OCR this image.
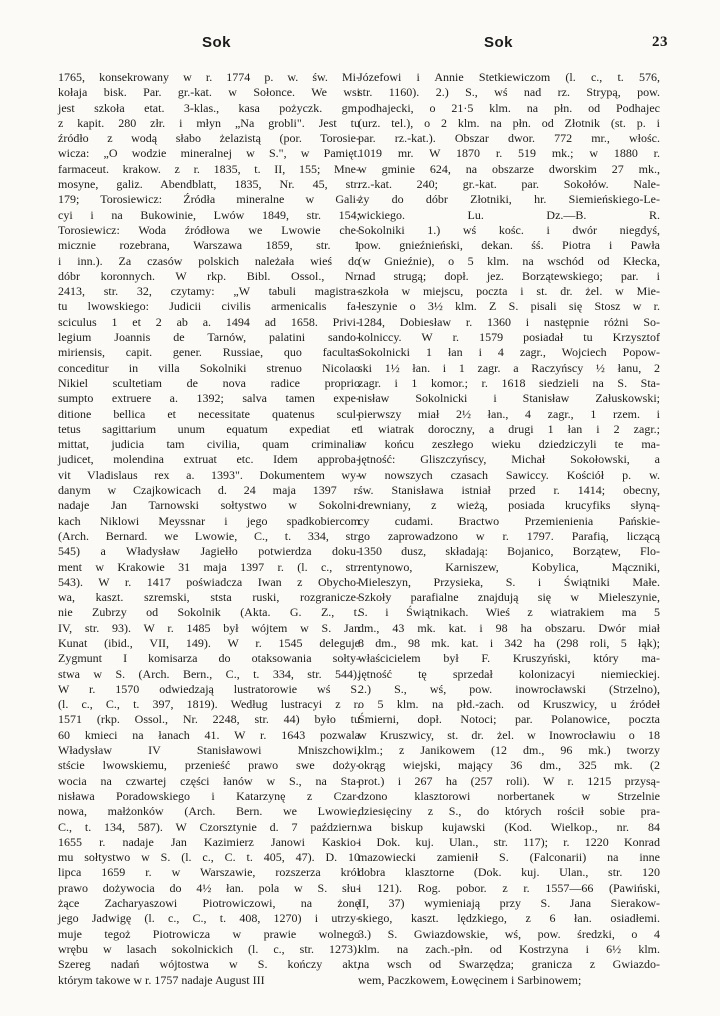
Sok	Sok	23
1765, konsekrowany w r. 1774 p. w. św. Mi-
kołaja bisk. Par. gr.-kat. w Sołonce. We wsi
jest szkoła etat. 3-klas., kasa pożyczk. gm.
z kapit. 280 złr. i młyn „Na grobli". Jest tu
źródło z wodą słabo żelazistą (por. Torosie-
wicza: „O wodzie mineralnej w S.", w Pamięt.
farmaceut. krakow. z r. 1835, t. II, 155; Mne-
mosyne, galiz. Abendblatt, 1835, Nr. 45, str.
179; Torosiewicz: Źródła mineralne w Gali-
cyi i na Bukowinie, Lwów 1849, str. 154;
Torosiewicz: Woda źródłowa we Lwowie che-
micznie rozebrana, Warszawa 1859, str. 1
i inn.). Za czasów polskich należała wieś do
dóbr koronnych. W rkp. Bibl. Ossol., Nr.
2413, str. 32, czytamy: „W tabuli magistra-
tu lwowskiego: Judicii civilis armenicalis fa-
sciculus 1 et 2 ab a. 1494 ad 1658. Privi-
legium Joannis de Tarnów, palatini sando-
miriensis, capit. gener. Russiae, quo facultas
conceditur in villa Sokolniki strenuo Nicolao
Nikiel scultetiam de nova radice proprio
sumpto extruere a. 1392; salva tamen expe-
ditione bellica et necessitate quatenus scul-
tetus sagittarium unum equatum expediat et
mittat, judicia tam civilia, quam criminalia
judicet, molendina extruat etc. Idem approba-
vit Vladislaus rex a. 1393". Dokumentem wy-
danym w Czajkowicach d. 24 maja 1397 r.
nadaje Jan Tarnowski sołtystwo w Sokolni-
kach Niklowi Meyssnar i jego spadkobiercom
(Arch. Bernard. we Lwowie, C., t. 334, str.
545) a Władysław Jagiełło potwierdza doku-
ment w Krakowie 31 maja 1397 r. (l. c., str.
543). W r. 1417 poświadcza Iwan z Obycho-
wa, kaszt. szremski, ststa ruski, rozgranicze-
nie Zubrzy od Sokolnik (Akta. G. Z., t.
IV, str. 93). W r. 1485 był wójtem w S. Jan
Kunat (ibid., VII, 149). W r. 1545 deleguje
Zygmunt I komisarza do otaksowania sołty-
stwa w S. (Arch. Bern., C., t. 334, str. 544).
W r. 1570 odwiedzają lustratorowie wś S.
(l. c., C., t. 397, 1819). Według lustracyi z r.
1571 (rkp. Ossol., Nr. 2248, str. 44) było tu
60 kmieci na łanach 41. W r. 1643 pozwala
Władysław IV Stanisławowi Mniszchowi,
stście lwowskiemu, przenieść prawo swe doży-
wocia na czwartej części łanów w S., na Sta-
nisława Poradowskiego i Katarzynę z Czar-
nowa, małżonków (Arch. Bern. we Lwowie,
C., t. 134, 587). W Czorsztynie d. 7 październ.
1655 r. nadaje Jan Kazimierz Janowi Kaskio-
mu sołtystwo w S. (l. c., C. t. 405, 47). D. 10
lipca 1659 r. w Warszawie, rozszerza król
prawo dożywocia do 4½ łan. pola w S. słu-
żące Zacharyaszowi Piotrowiczowi, na żonę
jego Jadwigę (l. c., C., t. 408, 1270) i utrzy-
muje tegoż Piotrowicza w prawie wolnego
wrębu w lasach sokolnickich (l. c., str. 1273).
Szereg nadań wójtostwa w S. kończy akt,
którym takowe w r. 1757 nadaje August III
Józefowi i Annie Stetkiewiczom (l. c., t. 576,
str. 1160). 2.) S., wś nad rz. Strypą, pow.
podhajecki, o 21·5 klm. na płn. od Podhajec
(urz. tel.), o 2 klm. na płn. od Złotnik (st. p. i
par. rz.-kat.). Obszar dwor. 772 mr., włośc.
1019 mr. W 1870 r. 519 mk.; w 1880 r.
w gminie 624, na obszarze dworskim 27 mk.,
rz.-kat. 240; gr.-kat. par. Sokołów. Nale-
ży do dóbr Złotniki, hr. Siemieńskiego-Le-
wickiego. Lu. Dz.—B. R.
Sokolniki 1.) wś kośc. i dwór niegdyś,
pow. gnieźnieński, dekan. śś. Piotra i Pawła
(w Gnieźnie), o 5 klm. na wschód od Kłecka,
nad strugą; dopł. jez. Borzątewskiego; par. i
szkoła w miejscu, poczta i st. dr. żel. w Mie-
leszynie o 3½ klm. Z S. pisali się Stosz w r.
1284, Dobiesław r. 1360 i następnie różni So-
kolniccy. W r. 1579 posiadał tu Krzysztof
Sokolnicki 1 łan i 4 zagr., Wojciech Popow-
ski 1½ łan. i 1 zagr. a Raczyńscy ½ łanu, 2
zagr. i 1 komor.; r. 1618 siedzieli na S. Sta-
nisław Sokolnicki i Stanisław Załuskowski;
pierwszy miał 2½ łan., 4 zagr., 1 rzem. i
1 wiatrak doroczny, a drugi 1 łan i 2 zagr.;
w końcu zeszłego wieku dziedziczyli te ma-
jętność: Gliszczyńscy, Michał Sokołowski, a
w nowszych czasach Sawiccy. Kościół p. w.
św. Stanisława istniał przed r. 1414; obecny,
drewniany, z wieżą, posiada krucyfiks słyną-
cy cudami. Bractwo Przemienienia Pańskie-
go zaprowadzono w r. 1797. Parafią, liczącą
1350 dusz, składają: Bojanico, Borzątew, Flo-
rentynowo, Karniszew, Kobylica, Mączniki,
Mieleszyn, Przysieka, S. i Świątniki Małe.
Szkoły parafialne znajdują się w Mieleszynie,
S. i Świątnikach. Wieś z wiatrakiem ma 5
dm., 43 mk. kat. i 98 ha obszaru. Dwór miał
8 dm., 98 mk. kat. i 342 ha (298 roli, 5 łąk);
właścicielem był F. Kruszyński, który ma-
jętność tę sprzedał kolonizacyi niemieckiej.
2.) S., wś, pow. inowrocławski (Strzelno),
o 5 klm. na płd.-zach. od Kruszwicy, u źródeł
Śmierni, dopł. Notoci; par. Polanowice, poczta
w Kruszwicy, st. dr. żel. w Inowrocławiu o 18
klm.; z Janikowem (12 dm., 96 mk.) tworzy
okrąg wiejski, mający 36 dm., 325 mk. (2
prot.) i 267 ha (257 roli). W r. 1215 przysą-
dzono klasztorowi norbertanek w Strzelnie
dziesięciny z S., do których rościł sobie pra-
wa biskup kujawski (Kod. Wielkop., nr. 84
i Dok. kuj. Ulan., str. 117); r. 1220 Konrad
mazowiecki zamienił S. (Falconarii) na inne
dobra klasztorne (Dok. kuj. Ulan., str. 120
i 121). Rog. pobor. z r. 1557—66 (Pawiński,
II, 37) wymieniają przy S. Jana Sierakow-
skiego, kaszt. lędzkiego, z 6 łan. osiadłemi.
3.) S. Gwiazdowskie, wś, pow. średzki, o 4
klm. na zach.-płn. od Kostrzyna i 6½ klm.
na wsch od Swarzędza; granicza z Gwiazdo-
wem, Paczkowem, Łowęcinem i Sarbinowem;
